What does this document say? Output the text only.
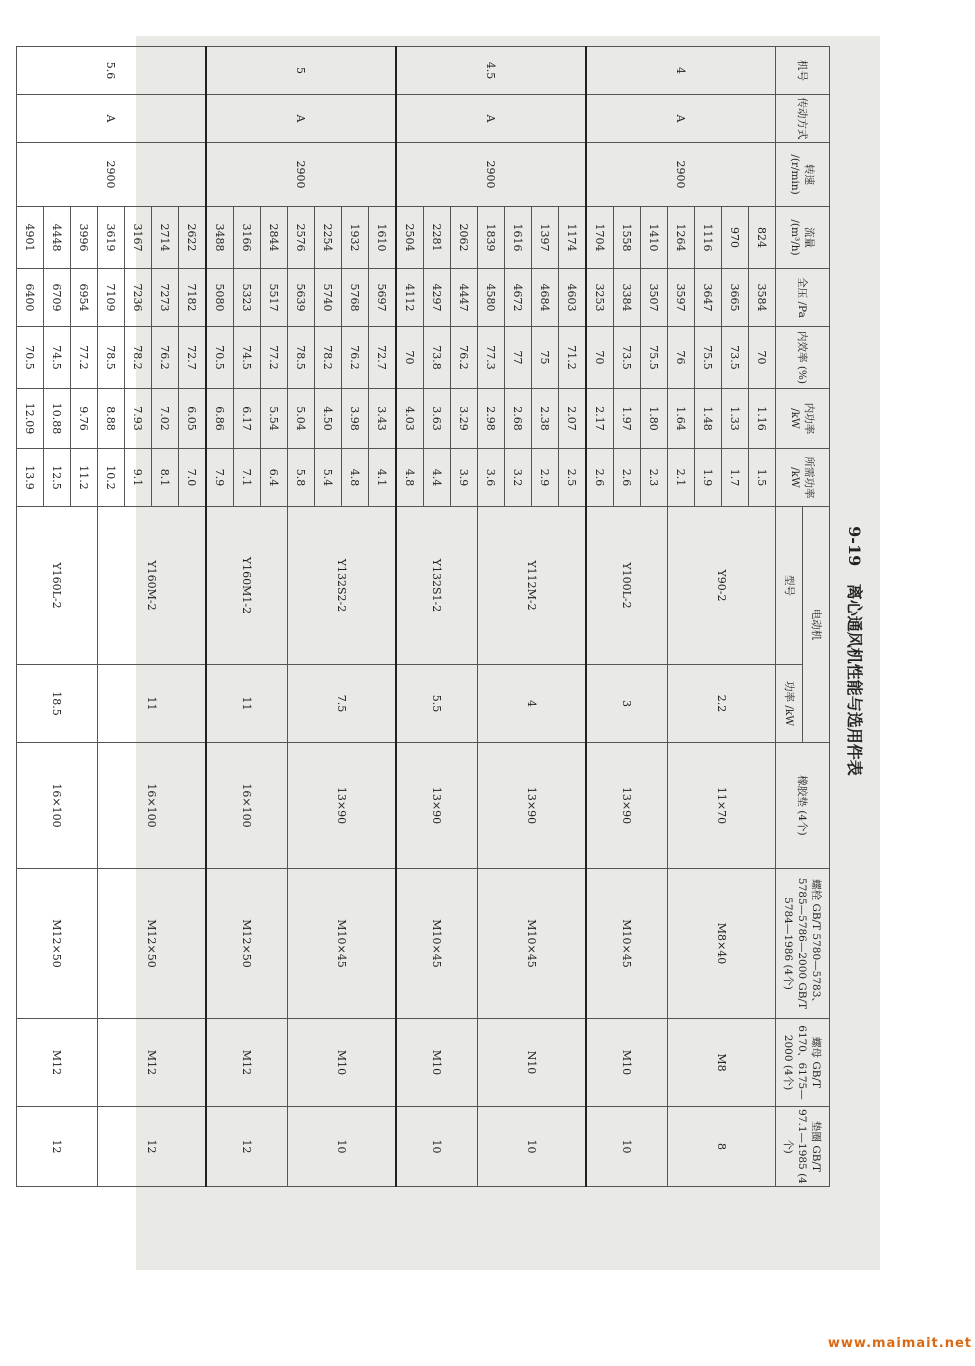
9-19 离心通风机性能与选用件表
机号	传动方式	转速 /(r/min)	流量 /(m³/h)	全压 /Pa	内效率 (%)	内功率 /kW	所需功率 /kW	电动机		橡胶垫 (4个)	螺栓 GB/T 5780—5783、5785—5786—2000 GB/T 5784—1986 (4个)	螺母 GB/T 6170、6175—2000 (4个)	垫圈 GB/T 97.1—1985 (4个)
								型号	功率 /kW				
4	A	2900	824	3584	70	1.16	1.5	Y90-2	2.2	11×70	M8×40	M8	8
			970	3665	73.5	1.33	1.7						
			1116	3647	75.5	1.48	1.9						
			1264	3597	76	1.64	2.1						
			1410	3507	75.5	1.80	2.3	Y100L-2	3	13×90	M10×45	M10	10
			1558	3384	73.5	1.97	2.6						
			1704	3253	70	2.17	2.6						
4.5	A	2900	1174	4603	71.2	2.07	2.5	Y112M-2	4	13×90	M10×45	N10	10
			1397	4684	75	2.38	2.9						
			1616	4672	77	2.68	3.2						
			1839	4580	77.3	2.98	3.6						
			2062	4447	76.2	3.29	3.9	Y132S1-2	5.5	13×90	M10×45	M10	10
			2281	4297	73.8	3.63	4.4						
			2504	4112	70	4.03	4.8						
5	A	2900	1610	5697	72.7	3.43	4.1	Y132S2-2	7.5	13×90	M10×45	M10	10
			1932	5768	76.2	3.98	4.8						
			2254	5740	78.2	4.50	5.4						
			2576	5639	78.5	5.04	5.8						
			2844	5517	77.2	5.54	6.4	Y160M1-2	11	16×100	M12×50	M12	12
			3166	5323	74.5	6.17	7.1						
			3488	5080	70.5	6.86	7.9						
5.6	A	2900	2622	7182	72.7	6.05	7.0	Y160M-2	11	16×100	M12×50	M12	12
			2714	7273	76.2	7.02	8.1						
			3167	7236	78.2	7.93	9.1						
			3619	7109	78.5	8.88	10.2						
			3996	6954	77.2	9.76	11.2	Y160L-2	18.5	16×100	M12×50	M12	12
			4448	6709	74.5	10.88	12.5						
			4901	6400	70.5	12.09	13.9						
www.maimait.net
